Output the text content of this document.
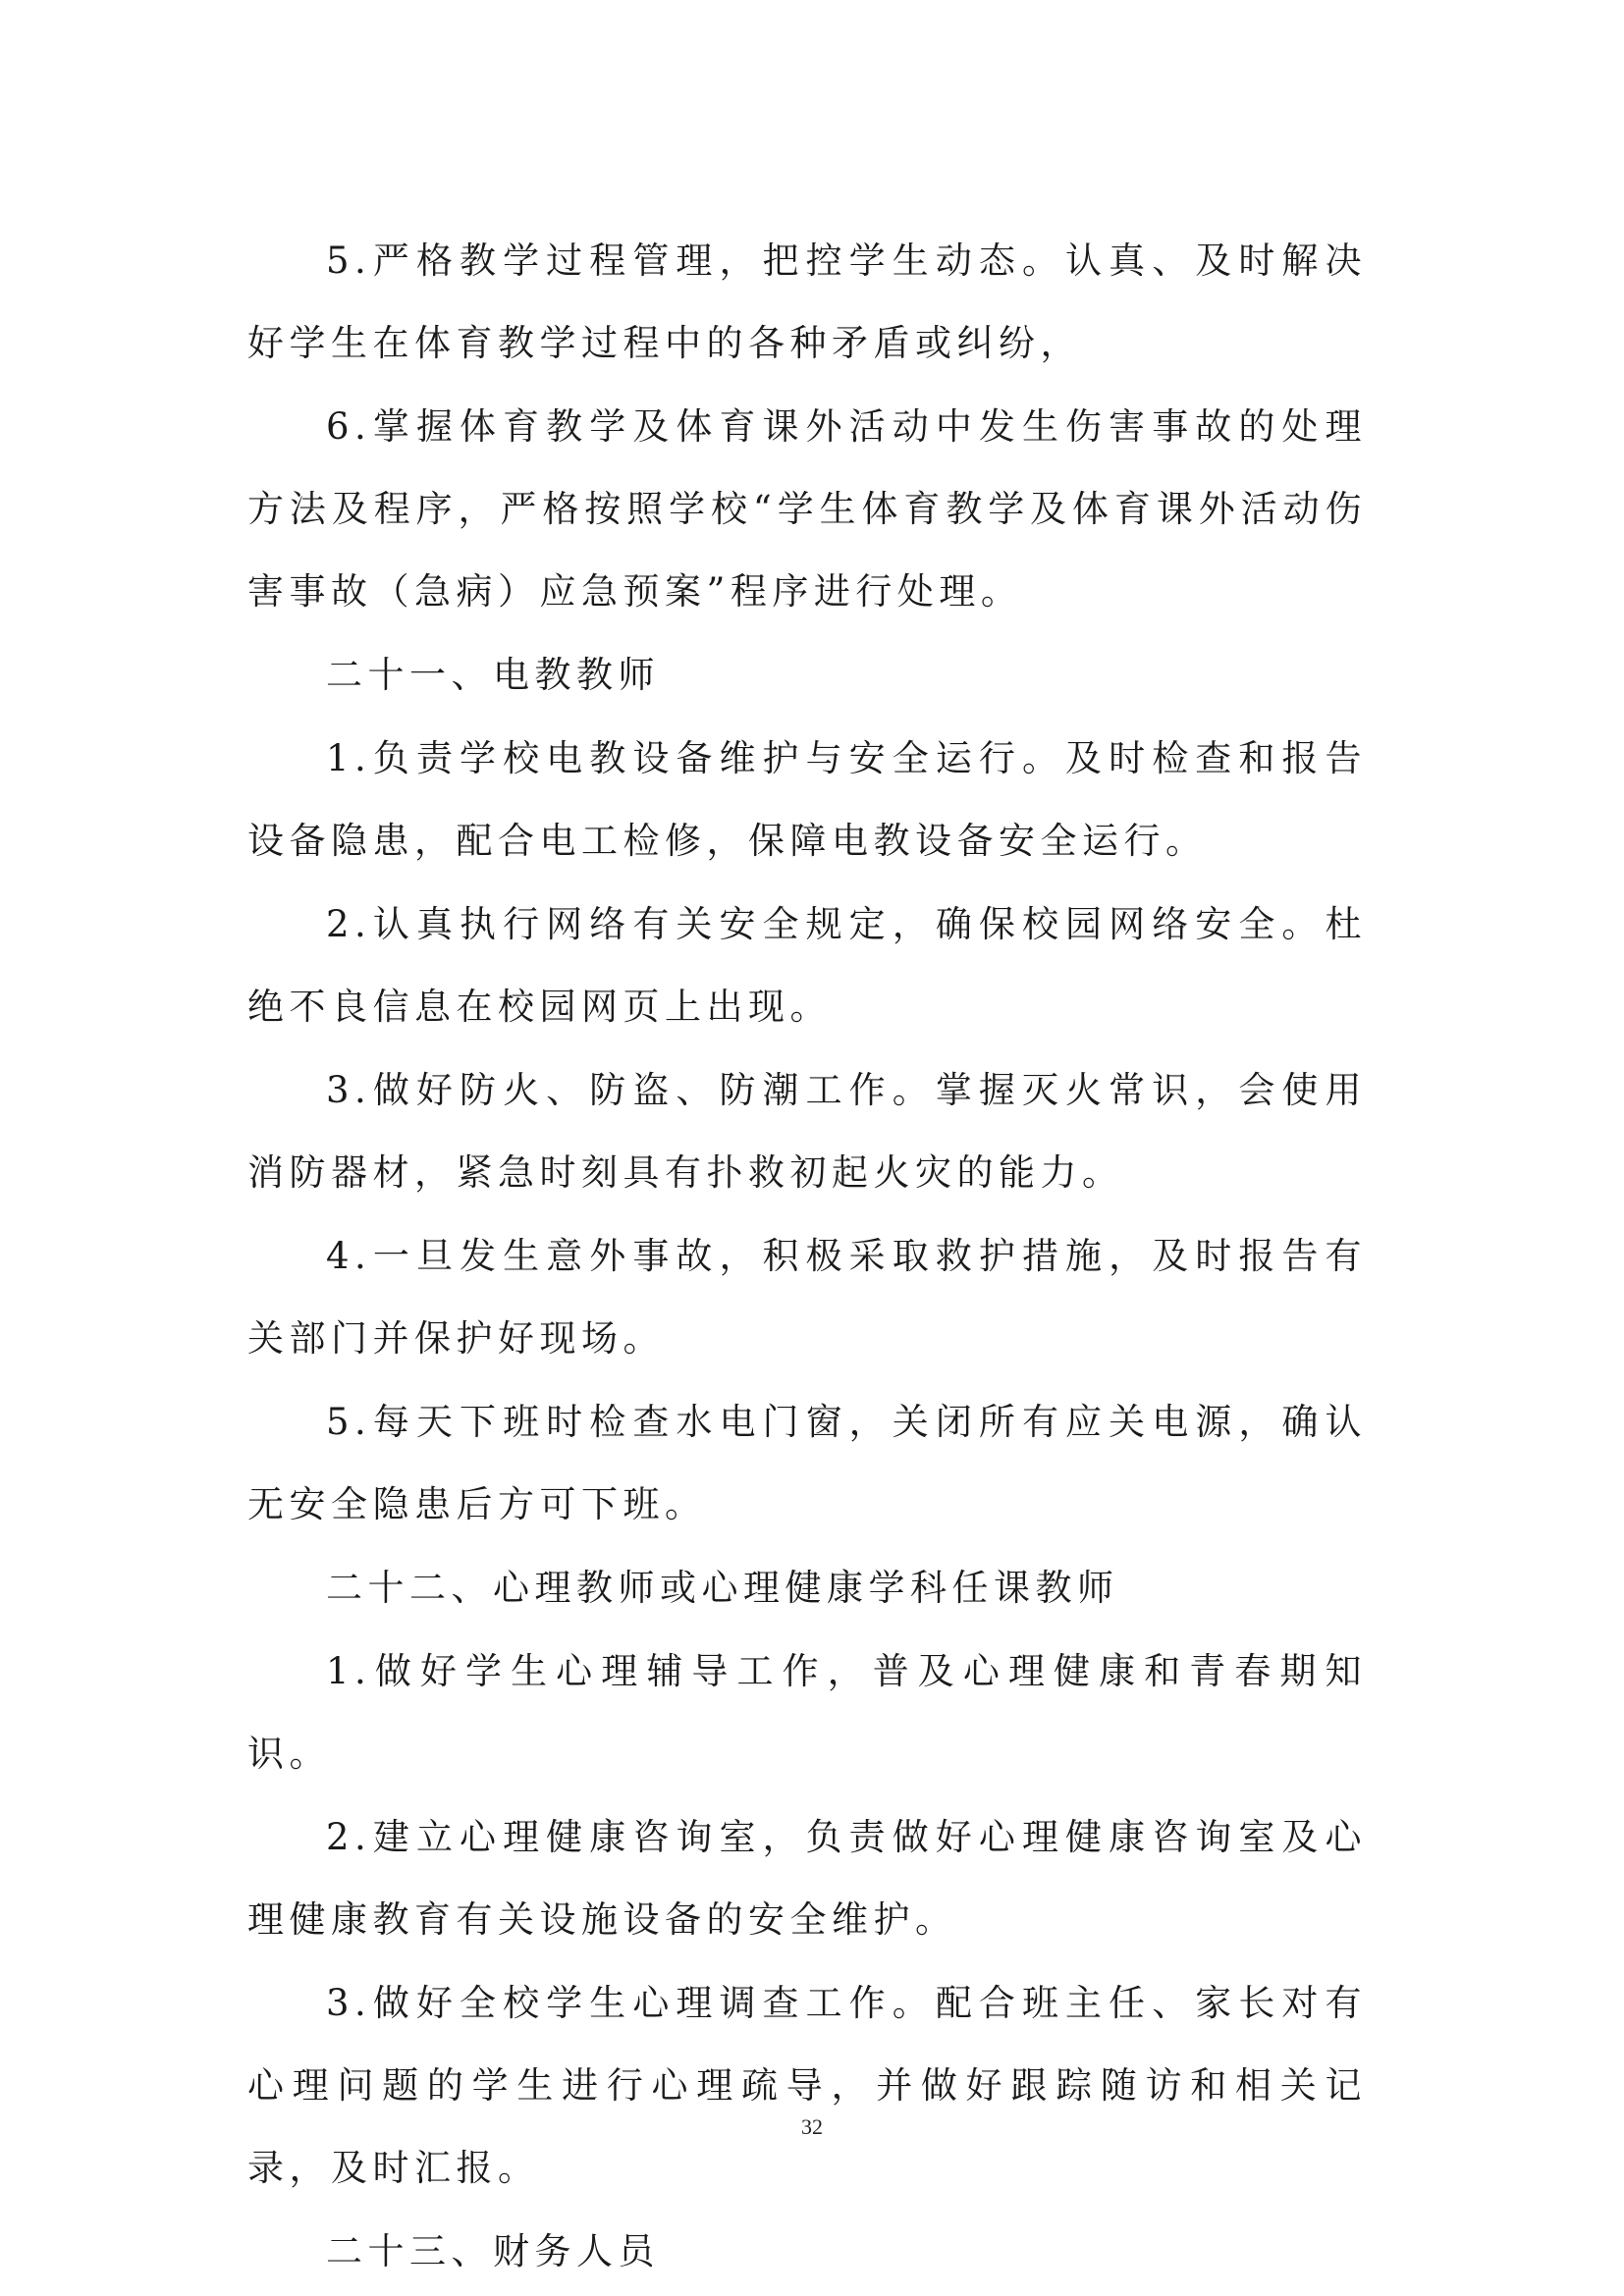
5.严格教学过程管理，把控学生动态。认真、及时解决好学生在体育教学过程中的各种矛盾或纠纷，

6.掌握体育教学及体育课外活动中发生伤害事故的处理方法及程序，严格按照学校“学生体育教学及体育课外活动伤害事故（急病）应急预案”程序进行处理。

二十一、电教教师

1.负责学校电教设备维护与安全运行。及时检查和报告设备隐患，配合电工检修，保障电教设备安全运行。

2.认真执行网络有关安全规定，确保校园网络安全。杜绝不良信息在校园网页上出现。

3.做好防火、防盗、防潮工作。掌握灭火常识，会使用消防器材，紧急时刻具有扑救初起火灾的能力。

4.一旦发生意外事故，积极采取救护措施，及时报告有关部门并保护好现场。

5.每天下班时检查水电门窗，关闭所有应关电源，确认无安全隐患后方可下班。

二十二、心理教师或心理健康学科任课教师

1.做好学生心理辅导工作，普及心理健康和青春期知识。

2.建立心理健康咨询室，负责做好心理健康咨询室及心理健康教育有关设施设备的安全维护。

3.做好全校学生心理调查工作。配合班主任、家长对有心理问题的学生进行心理疏导，并做好跟踪随访和相关记录，及时汇报。

二十三、财务人员

32
